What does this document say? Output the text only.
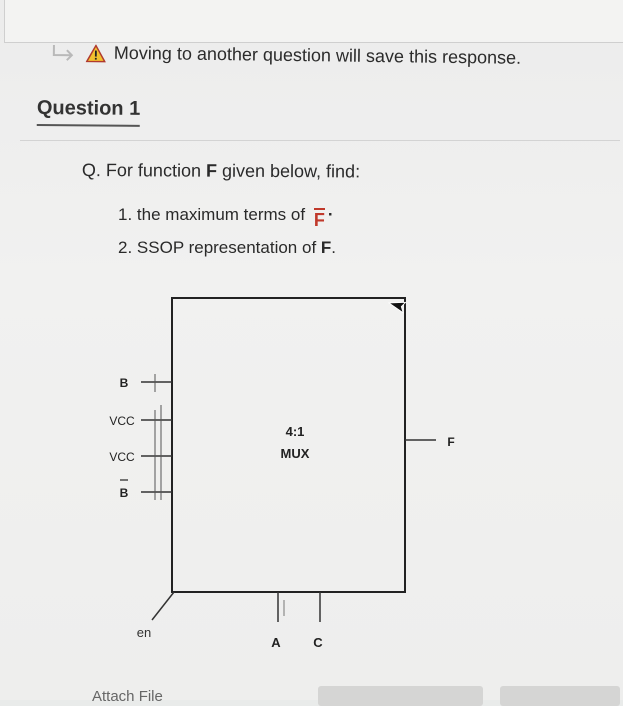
Moving to another question will save this response.
Question 1
Q. For function F given below, find:
1. the maximum terms of F ·
2. SSOP representation of F.
B
VCC
VCC
B
4:1
MUX
F
en
A	C
Attach File
